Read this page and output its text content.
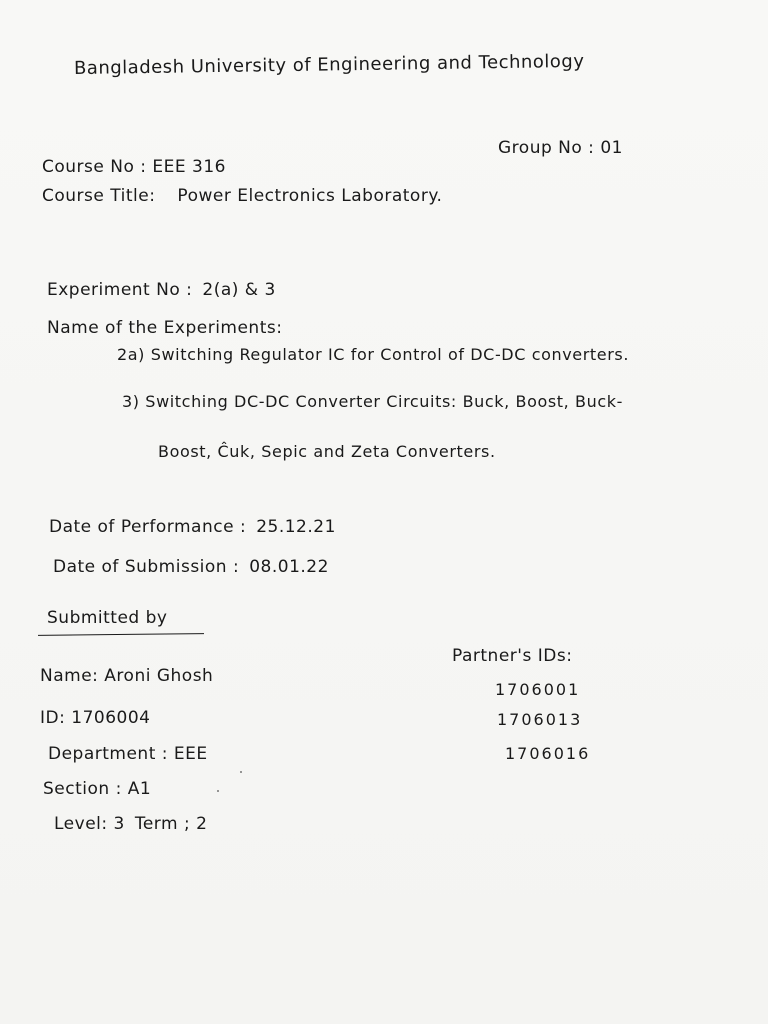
Bangladesh University of Engineering and Technology
Group No : 01
Course No : EEE 316
Course Title: Power Electronics Laboratory.
Experiment No : 2(a) & 3
Name of the Experiments:
2a) Switching Regulator IC for Control of DC-DC converters.
3) Switching DC-DC Converter Circuits: Buck, Boost, Buck-
Boost, Ĉuk, Sepic and Zeta Converters.
Date of Performance : 25.12.21
Date of Submission : 08.01.22
Submitted by
Name: Aroni Ghosh
ID: 1706004
Department : EEE
Section : A1
Level: 3 Term ; 2
Partner's IDs:
1706001
1706013
1706016
